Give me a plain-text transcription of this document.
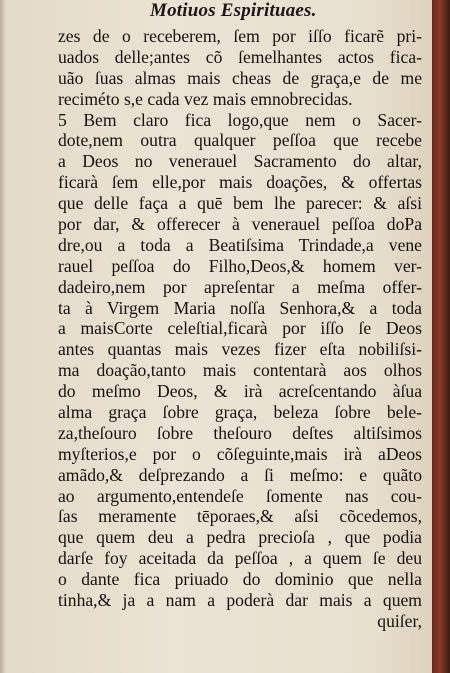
Motiuos Espirituaes.
zes de o receberem, ſem por iſſo ficarẽ pri-
uados delle;antes cõ ſemelhantes actos fica-
uão ſuas almas mais cheas de graça,e de me
reciméto s,e cada vez mais emnobrecidas.
5 Bem claro fica logo,que nem o Sacer-
dote,nem outra qualquer peſſoa que recebe
a Deos no venerauel Sacramento do altar,
ficarà ſem elle,por mais doações, & offertas
que delle faça a quē bem lhe parecer: & aſsi
por dar, & offerecer à venerauel peſſoa doPa
dre,ou a toda a Beatiſsima Trindade,a vene
rauel peſſoa do Filho,Deos,& homem ver-
dadeiro,nem por apreſentar a meſma offer-
ta à Virgem Maria noſſa Senhora,& a toda
a maisCorte celeſtial,ficarà por iſſo ſe Deos
antes quantas mais vezes fizer eſta nobiliſsi-
ma doação,tanto mais contentarà aos olhos
do meſmo Deos, & irà acreſcentando àſua
alma graça ſobre graça, beleza ſobre bele-
za,theſouro ſobre theſouro deſtes altiſsimos
myſterios,e por o cõſeguinte,mais irà aDeos
amãdo,& deſprezando a ſi meſmo: e quãto
ao argumento,entendeſe ſomente nas cou-
ſas meramente tēporaes,& aſsi cõcedemos,
que quem deu a pedra precioſa , que podia
darſe foy aceitada da peſſoa , a quem ſe deu
o dante fica priuado do dominio que nella
tinha,& ja a nam a poderà dar mais a quem
quiſer,
